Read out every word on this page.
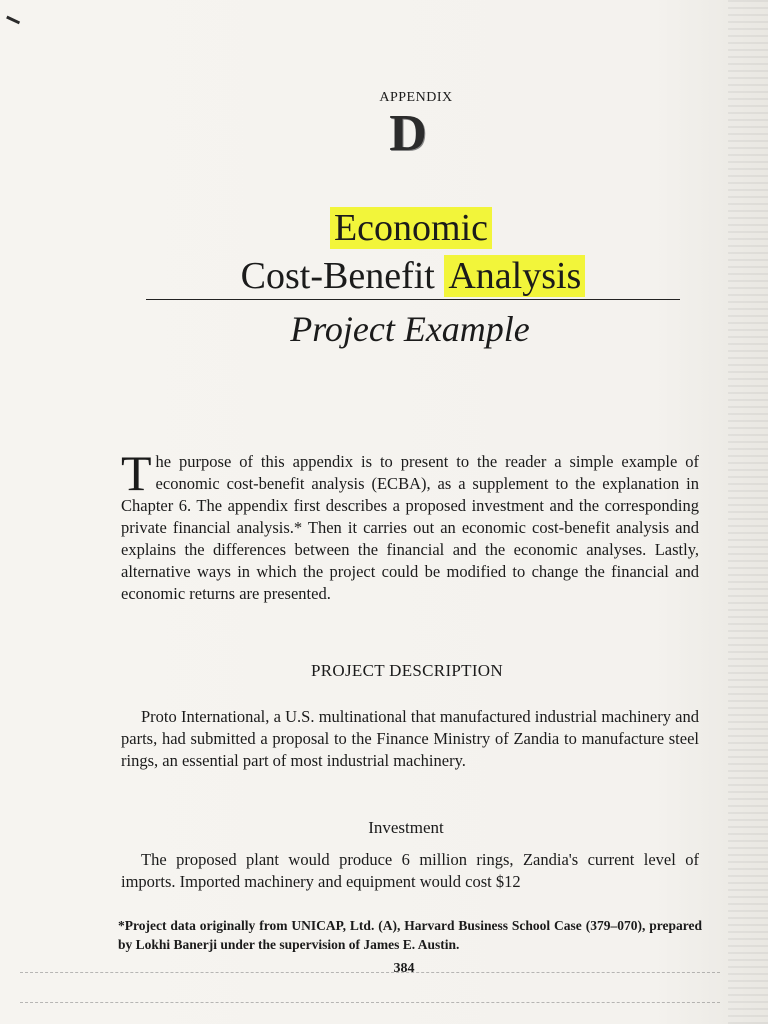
APPENDIX
D
Economic
Cost-Benefit Analysis
Project Example
The purpose of this appendix is to present to the reader a simple example of economic cost-benefit analysis (ECBA), as a supplement to the explanation in Chapter 6. The appendix first describes a proposed investment and the corresponding private financial analysis.* Then it carries out an economic cost-benefit analysis and explains the differences between the financial and the economic analyses. Lastly, alternative ways in which the project could be modified to change the financial and economic returns are presented.
PROJECT DESCRIPTION
Proto International, a U.S. multinational that manufactured industrial machinery and parts, had submitted a proposal to the Finance Ministry of Zandia to manufacture steel rings, an essential part of most industrial machinery.
Investment
The proposed plant would produce 6 million rings, Zandia's current level of imports. Imported machinery and equipment would cost $12
*Project data originally from UNICAP, Ltd. (A), Harvard Business School Case (379–070), prepared by Lokhi Banerji under the supervision of James E. Austin.
384
